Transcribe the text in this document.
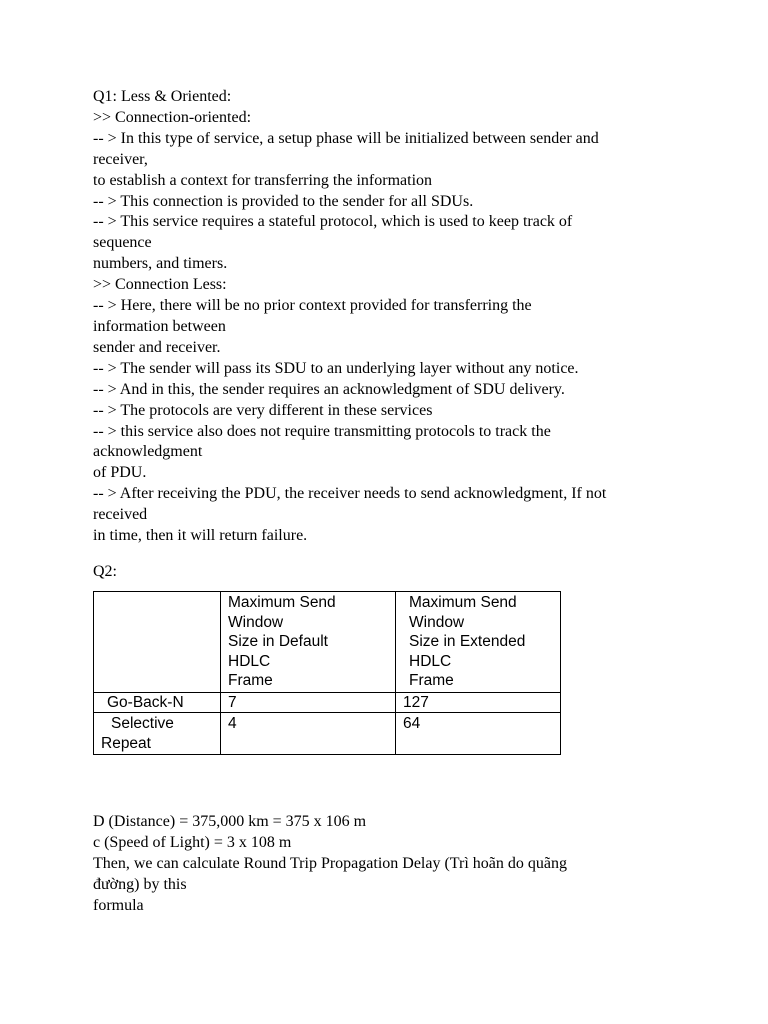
Q1: Less & Oriented:

>> Connection-oriented:

-- > In this type of service, a setup phase will be initialized between sender and

receiver,

to establish a context for transferring the information

-- > This connection is provided to the sender for all SDUs.

-- > This service requires a stateful protocol, which is used to keep track of

sequence

numbers, and timers.

>> Connection Less:

-- > Here, there will be no prior context provided for transferring the

information between

sender and receiver.

-- > The sender will pass its SDU to an underlying layer without any notice.

-- > And in this, the sender requires an acknowledgment of SDU delivery.

-- > The protocols are very different in these services

-- > this service also does not require transmitting protocols to track the

acknowledgment

of PDU.

-- > After receiving the PDU, the receiver needs to send acknowledgment, If not

received

in time, then it will return failure.

Q2:

	Maximum Send
Window
Size in Default
HDLC
Frame	Maximum Send
Window
Size in Extended
HDLC
Frame

Go-Back-N	7	127

Selective
Repeat	4	64

D (Distance) = 375,000 km = 375 x 106 m

c (Speed of Light) = 3 x 108 m

Then, we can calculate Round Trip Propagation Delay (Trì hoãn do quãng

đường) by this

formula
